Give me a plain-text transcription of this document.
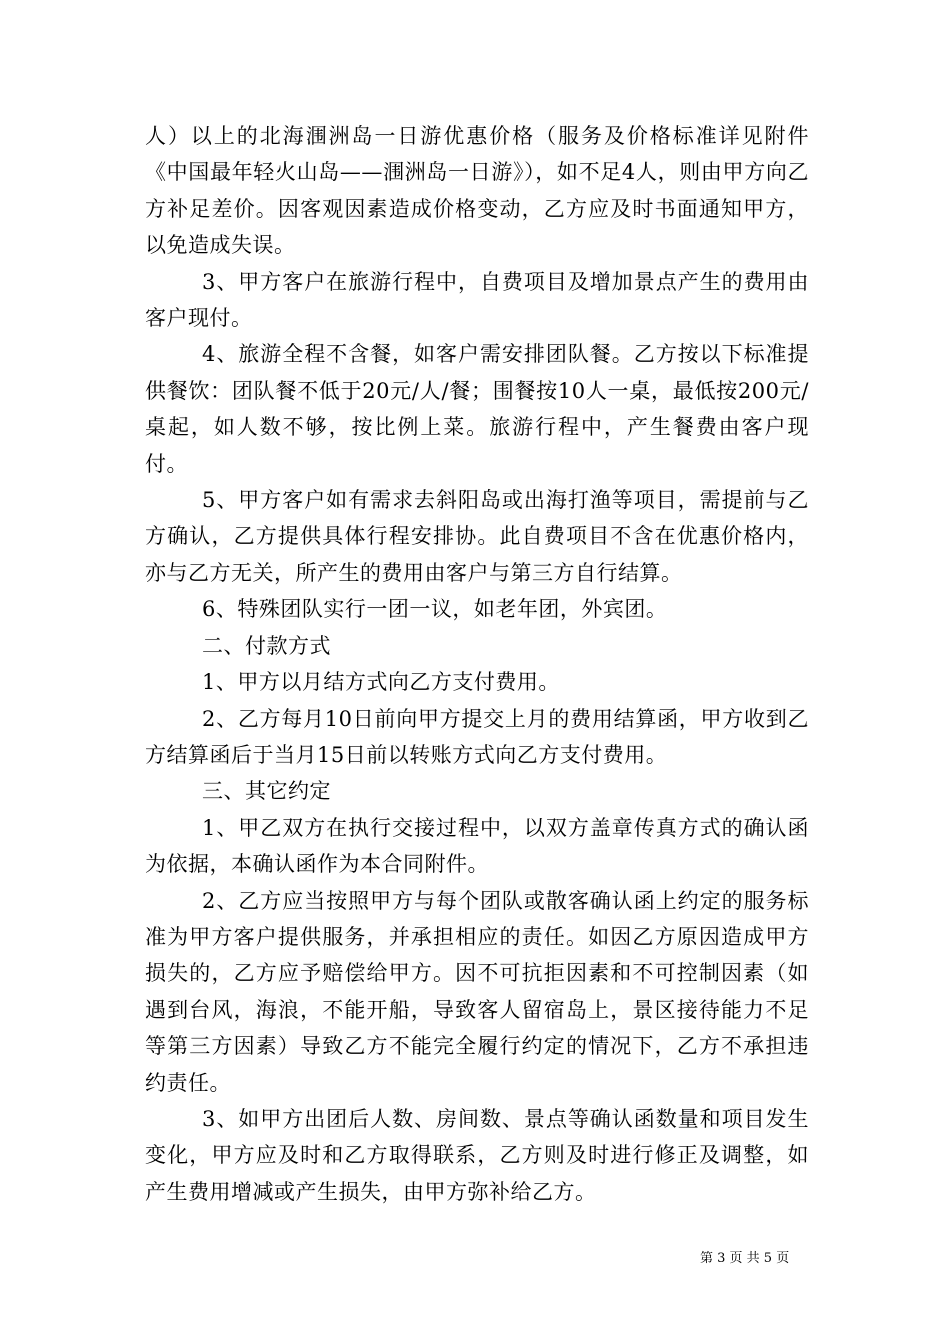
人）以上的北海涠洲岛一日游优惠价格（服务及价格标准详见附件《中国最年轻火山岛——涠洲岛一日游》），如不足4人，则由甲方向乙方补足差价。因客观因素造成价格变动，乙方应及时书面通知甲方，以免造成失误。

3、甲方客户在旅游行程中，自费项目及增加景点产生的费用由客户现付。

4、旅游全程不含餐，如客户需安排团队餐。乙方按以下标准提供餐饮：团队餐不低于20元/人/餐；围餐按10人一桌，最低按200元/桌起，如人数不够，按比例上菜。旅游行程中，产生餐费由客户现付。

5、甲方客户如有需求去斜阳岛或出海打渔等项目，需提前与乙方确认，乙方提供具体行程安排协。此自费项目不含在优惠价格内，亦与乙方无关，所产生的费用由客户与第三方自行结算。

6、特殊团队实行一团一议，如老年团，外宾团。

二、付款方式

1、甲方以月结方式向乙方支付费用。

2、乙方每月10日前向甲方提交上月的费用结算函，甲方收到乙方结算函后于当月15日前以转账方式向乙方支付费用。

三、其它约定

1、甲乙双方在执行交接过程中，以双方盖章传真方式的确认函为依据，本确认函作为本合同附件。

2、乙方应当按照甲方与每个团队或散客确认函上约定的服务标准为甲方客户提供服务，并承担相应的责任。如因乙方原因造成甲方损失的，乙方应予赔偿给甲方。因不可抗拒因素和不可控制因素（如遇到台风，海浪，不能开船，导致客人留宿岛上，景区接待能力不足等第三方因素）导致乙方不能完全履行约定的情况下，乙方不承担违约责任。

3、如甲方出团后人数、房间数、景点等确认函数量和项目发生变化，甲方应及时和乙方取得联系，乙方则及时进行修正及调整，如产生费用增减或产生损失，由甲方弥补给乙方。

第 3 页 共 5 页
